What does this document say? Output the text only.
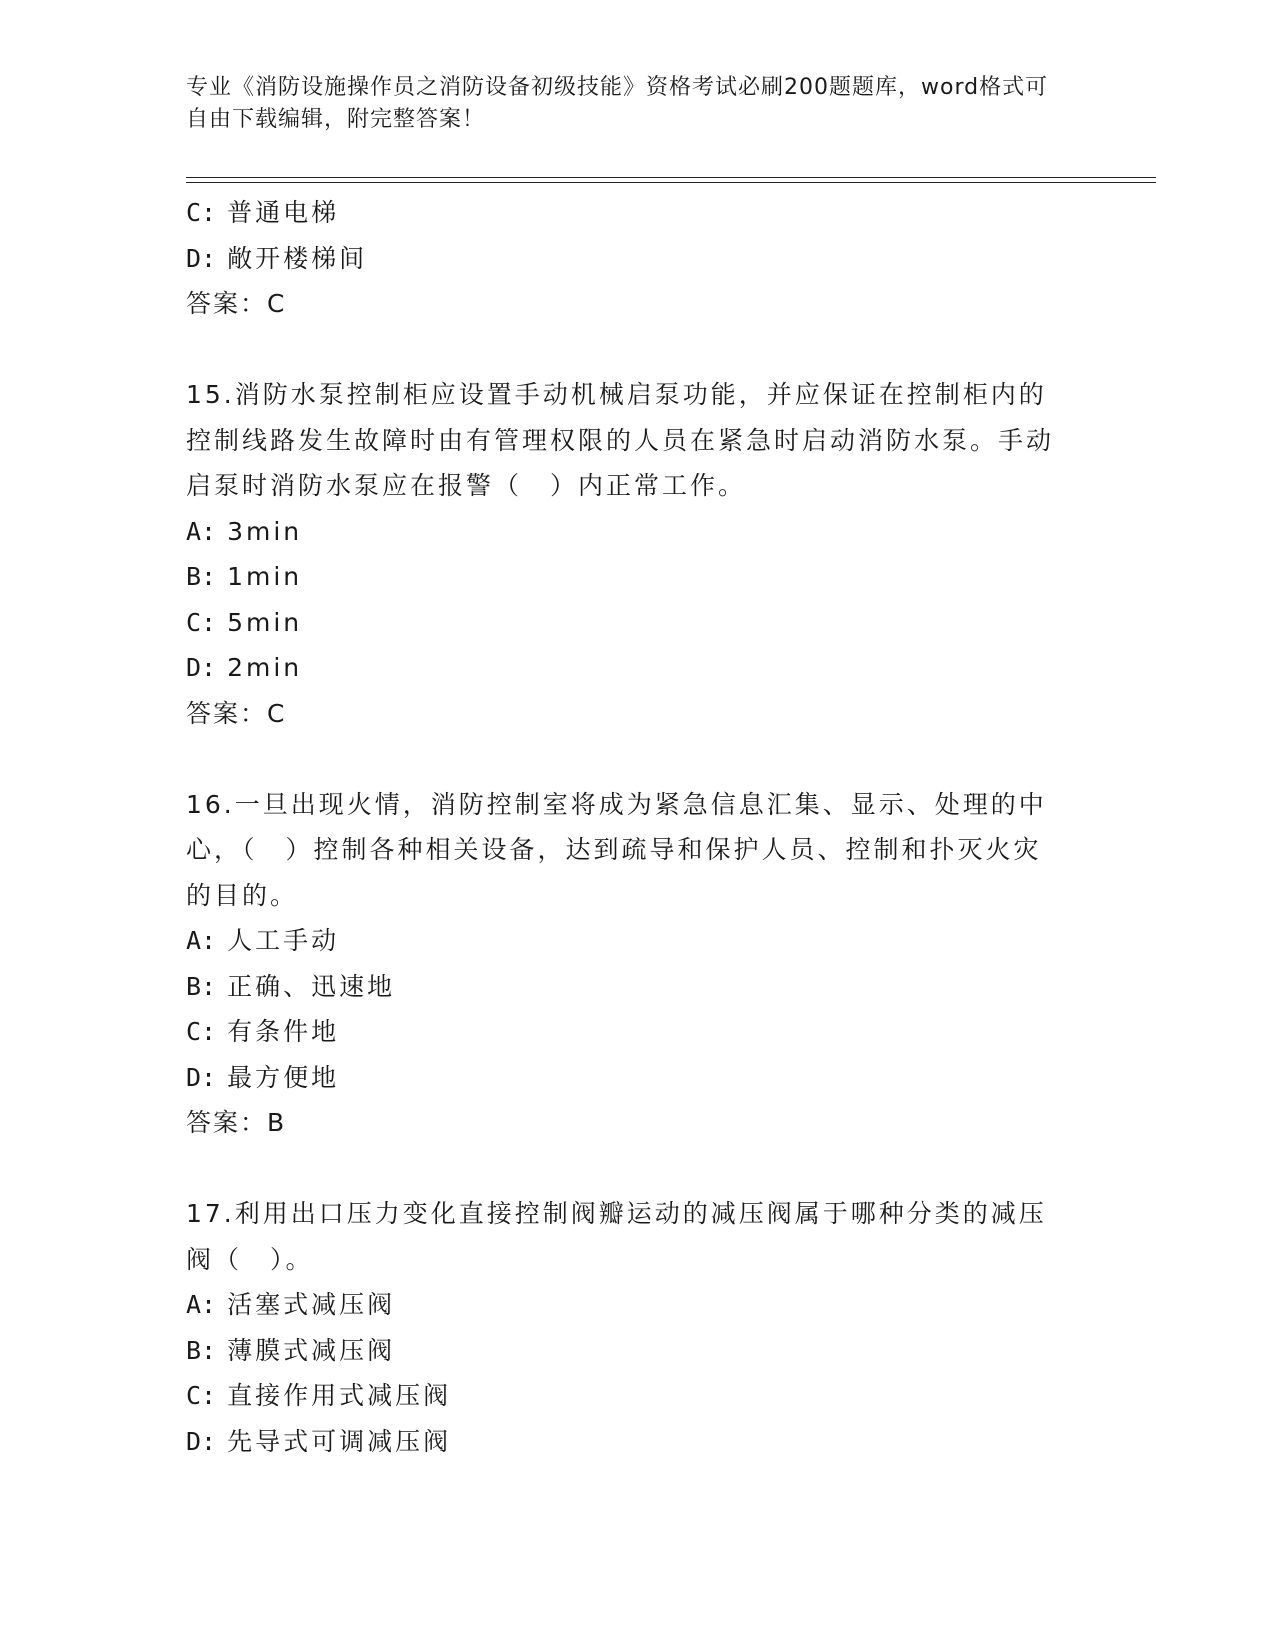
专业《消防设施操作员之消防设备初级技能》资格考试必刷200题题库，word格式可自由下载编辑，附完整答案！
C: 普通电梯
D: 敞开楼梯间
答案：C
15.消防水泵控制柜应设置手动机械启泵功能，并应保证在控制柜内的控制线路发生故障时由有管理权限的人员在紧急时启动消防水泵。手动启泵时消防水泵应在报警（　）内正常工作。
A: 3min
B: 1min
C: 5min
D: 2min
答案：C
16.一旦出现火情，消防控制室将成为紧急信息汇集、显示、处理的中心，（　）控制各种相关设备，达到疏导和保护人员、控制和扑灭火灾的目的。
A: 人工手动
B: 正确、迅速地
C: 有条件地
D: 最方便地
答案：B
17.利用出口压力变化直接控制阀瓣运动的减压阀属于哪种分类的减压阀（　）。
A: 活塞式减压阀
B: 薄膜式减压阀
C: 直接作用式减压阀
D: 先导式可调减压阀
